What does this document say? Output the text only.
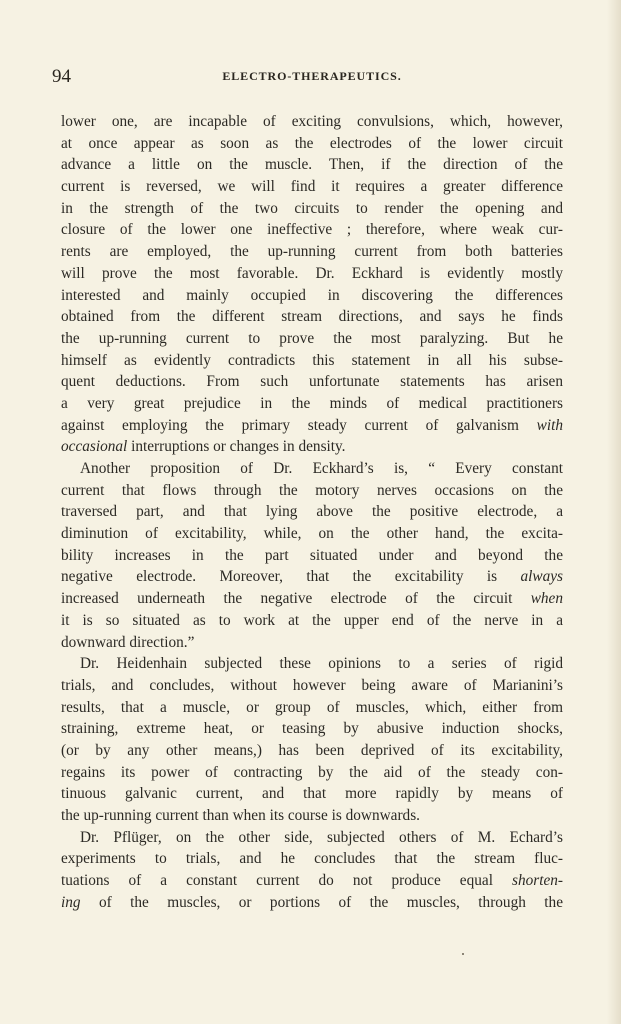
94	ELECTRO-THERAPEUTICS.
lower one, are incapable of exciting convulsions, which, however,
at once appear as soon as the electrodes of the lower circuit
advance a little on the muscle. Then, if the direction of the
current is reversed, we will find it requires a greater difference
in the strength of the two circuits to render the opening and
closure of the lower one ineffective ; therefore, where weak cur-
rents are employed, the up-running current from both batteries
will prove the most favorable. Dr. Eckhard is evidently mostly
interested and mainly occupied in discovering the differences
obtained from the different stream directions, and says he finds
the up-running current to prove the most paralyzing. But he
himself as evidently contradicts this statement in all his subse-
quent deductions. From such unfortunate statements has arisen
a very great prejudice in the minds of medical practitioners
against employing the primary steady current of galvanism with
occasional interruptions or changes in density.
Another proposition of Dr. Eckhard’s is, “ Every constant
current that flows through the motory nerves occasions on the
traversed part, and that lying above the positive electrode, a
diminution of excitability, while, on the other hand, the excita-
bility increases in the part situated under and beyond the
negative electrode. Moreover, that the excitability is always
increased underneath the negative electrode of the circuit when
it is so situated as to work at the upper end of the nerve in a
downward direction.”
Dr. Heidenhain subjected these opinions to a series of rigid
trials, and concludes, without however being aware of Marianini’s
results, that a muscle, or group of muscles, which, either from
straining, extreme heat, or teasing by abusive induction shocks,
(or by any other means,) has been deprived of its excitability,
regains its power of contracting by the aid of the steady con-
tinuous galvanic current, and that more rapidly by means of
the up-running current than when its course is downwards.
Dr. Pflüger, on the other side, subjected others of M. Echard’s
experiments to trials, and he concludes that the stream fluc-
tuations of a constant current do not produce equal shorten-
ing of the muscles, or portions of the muscles, through the
